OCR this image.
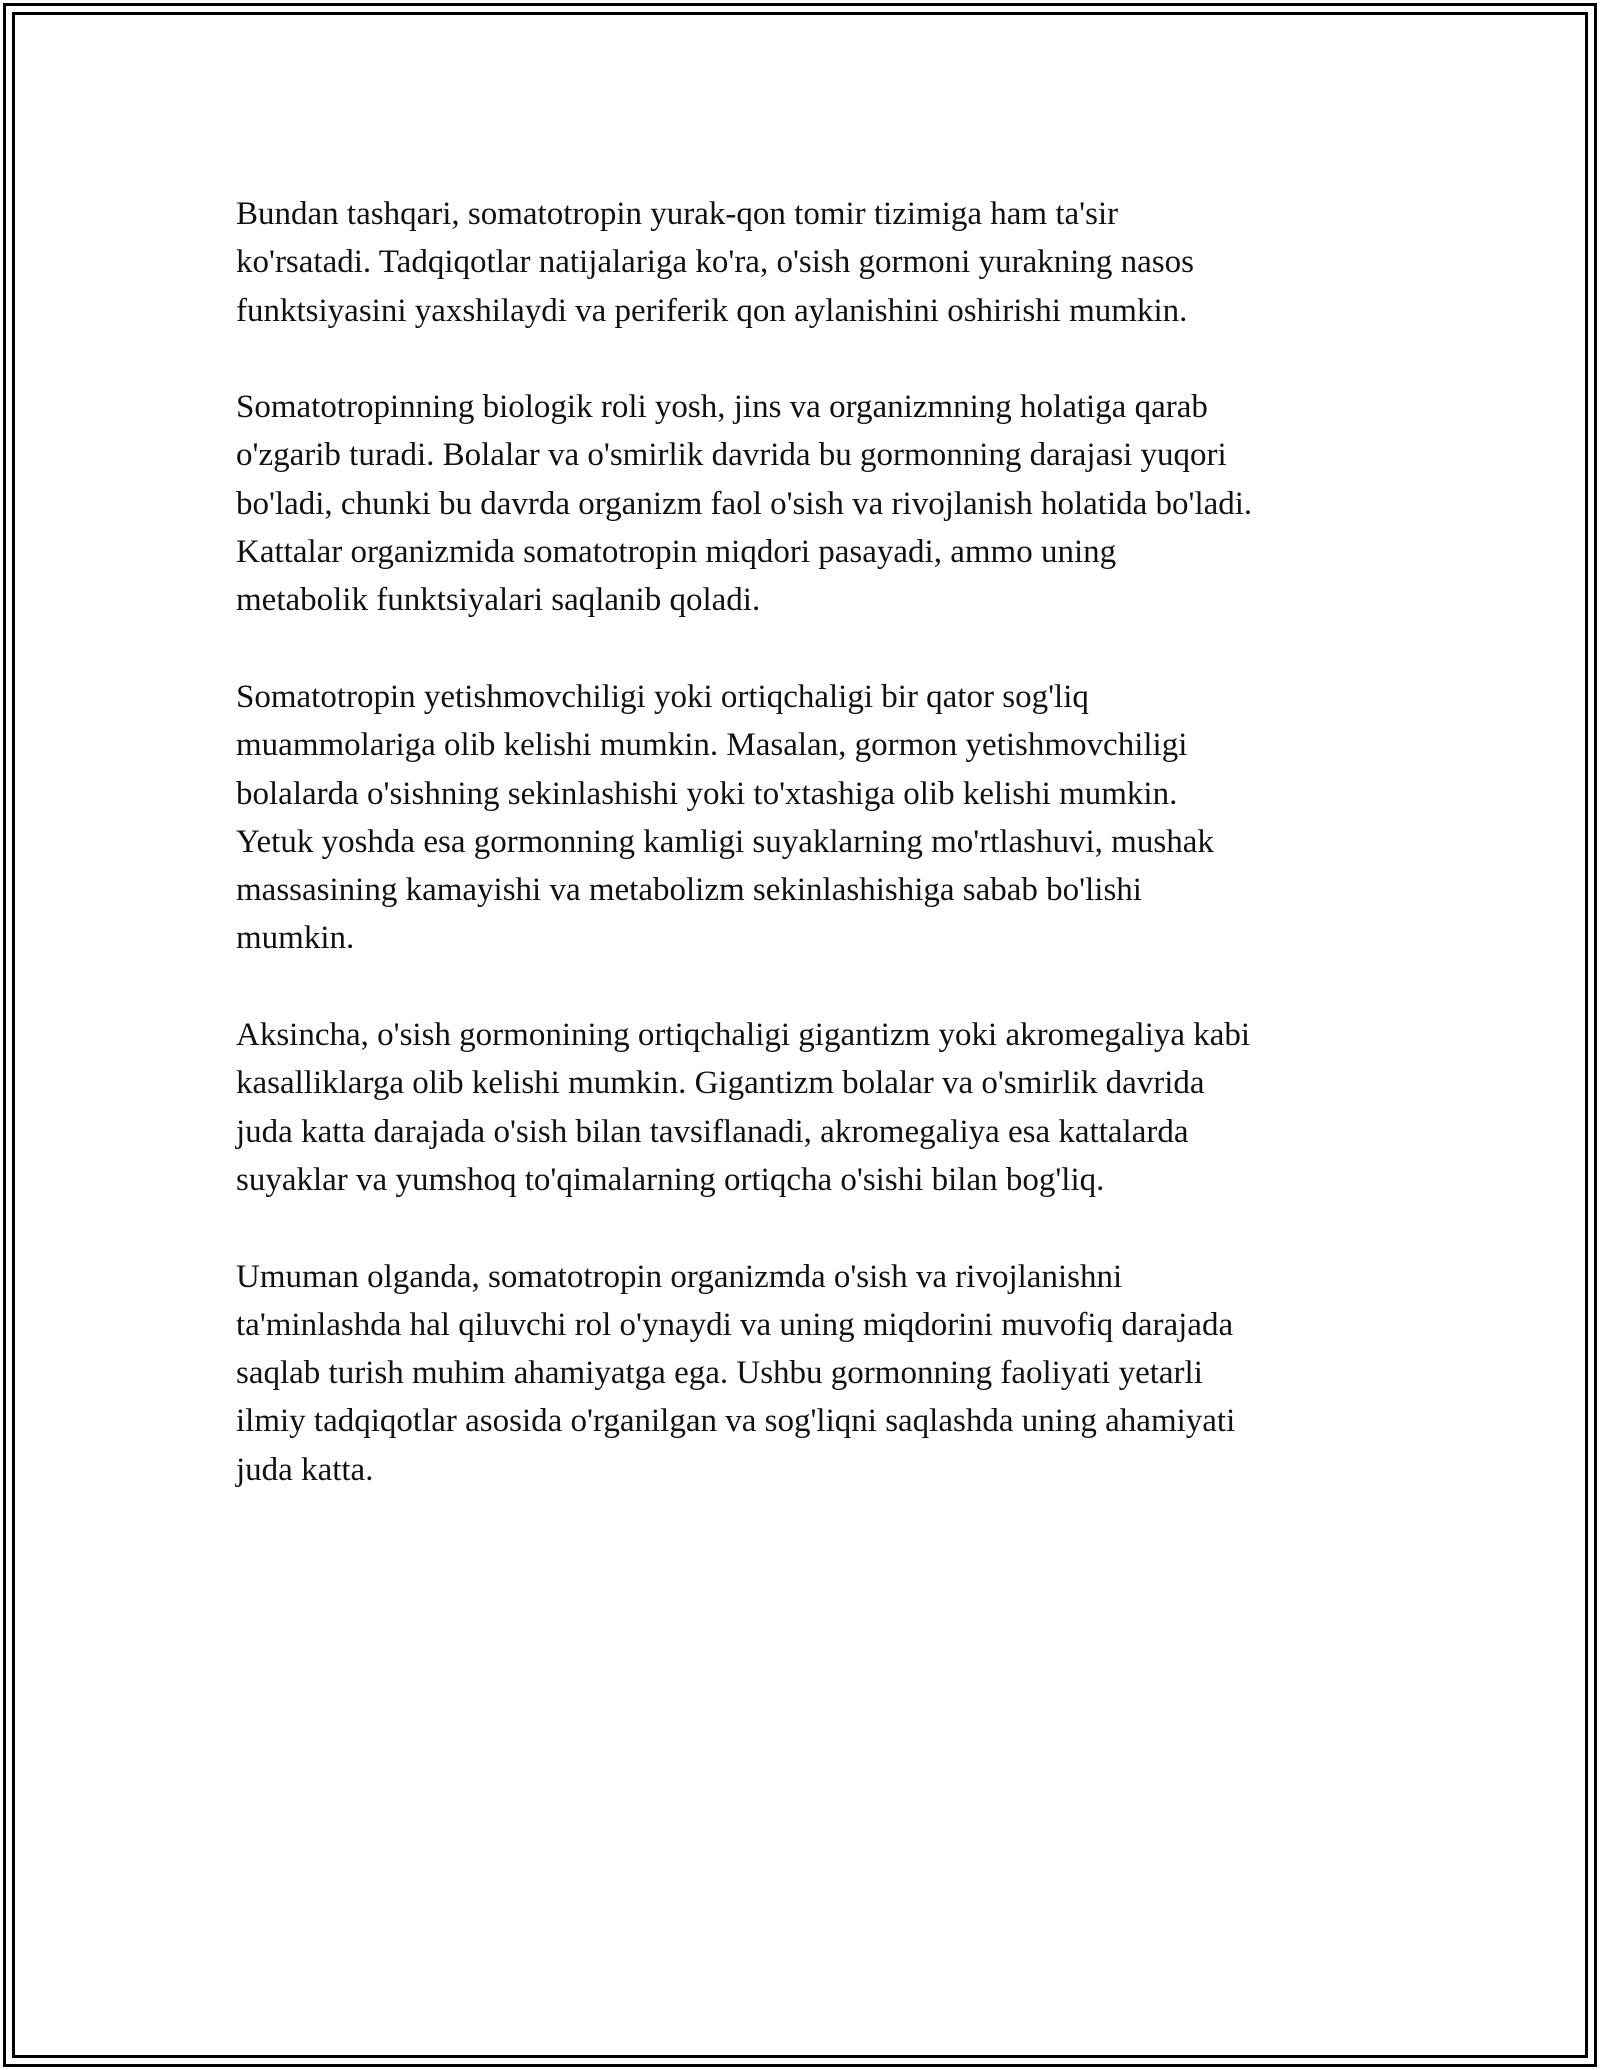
Bundan tashqari, somatotropin yurak-qon tomir tizimiga ham ta'sir
ko'rsatadi. Tadqiqotlar natijalariga ko'ra, o'sish gormoni yurakning nasos
funktsiyasini yaxshilaydi va periferik qon aylanishini oshirishi mumkin.

Somatotropinning biologik roli yosh, jins va organizmning holatiga qarab
o'zgarib turadi. Bolalar va o'smirlik davrida bu gormonning darajasi yuqori
bo'ladi, chunki bu davrda organizm faol o'sish va rivojlanish holatida bo'ladi.
Kattalar organizmida somatotropin miqdori pasayadi, ammo uning
metabolik funktsiyalari saqlanib qoladi.

Somatotropin yetishmovchiligi yoki ortiqchaligi bir qator sog'liq
muammolariga olib kelishi mumkin. Masalan, gormon yetishmovchiligi
bolalarda o'sishning sekinlashishi yoki to'xtashiga olib kelishi mumkin.
Yetuk yoshda esa gormonning kamligi suyaklarning mo'rtlashuvi, mushak
massasining kamayishi va metabolizm sekinlashishiga sabab bo'lishi
mumkin.

Aksincha, o'sish gormonining ortiqchaligi gigantizm yoki akromegaliya kabi
kasalliklarga olib kelishi mumkin. Gigantizm bolalar va o'smirlik davrida
juda katta darajada o'sish bilan tavsiflanadi, akromegaliya esa kattalarda
suyaklar va yumshoq to'qimalarning ortiqcha o'sishi bilan bog'liq.

Umuman olganda, somatotropin organizmda o'sish va rivojlanishni
ta'minlashda hal qiluvchi rol o'ynaydi va uning miqdorini muvofiq darajada
saqlab turish muhim ahamiyatga ega. Ushbu gormonning faoliyati yetarli
ilmiy tadqiqotlar asosida o'rganilgan va sog'liqni saqlashda uning ahamiyati
juda katta.
